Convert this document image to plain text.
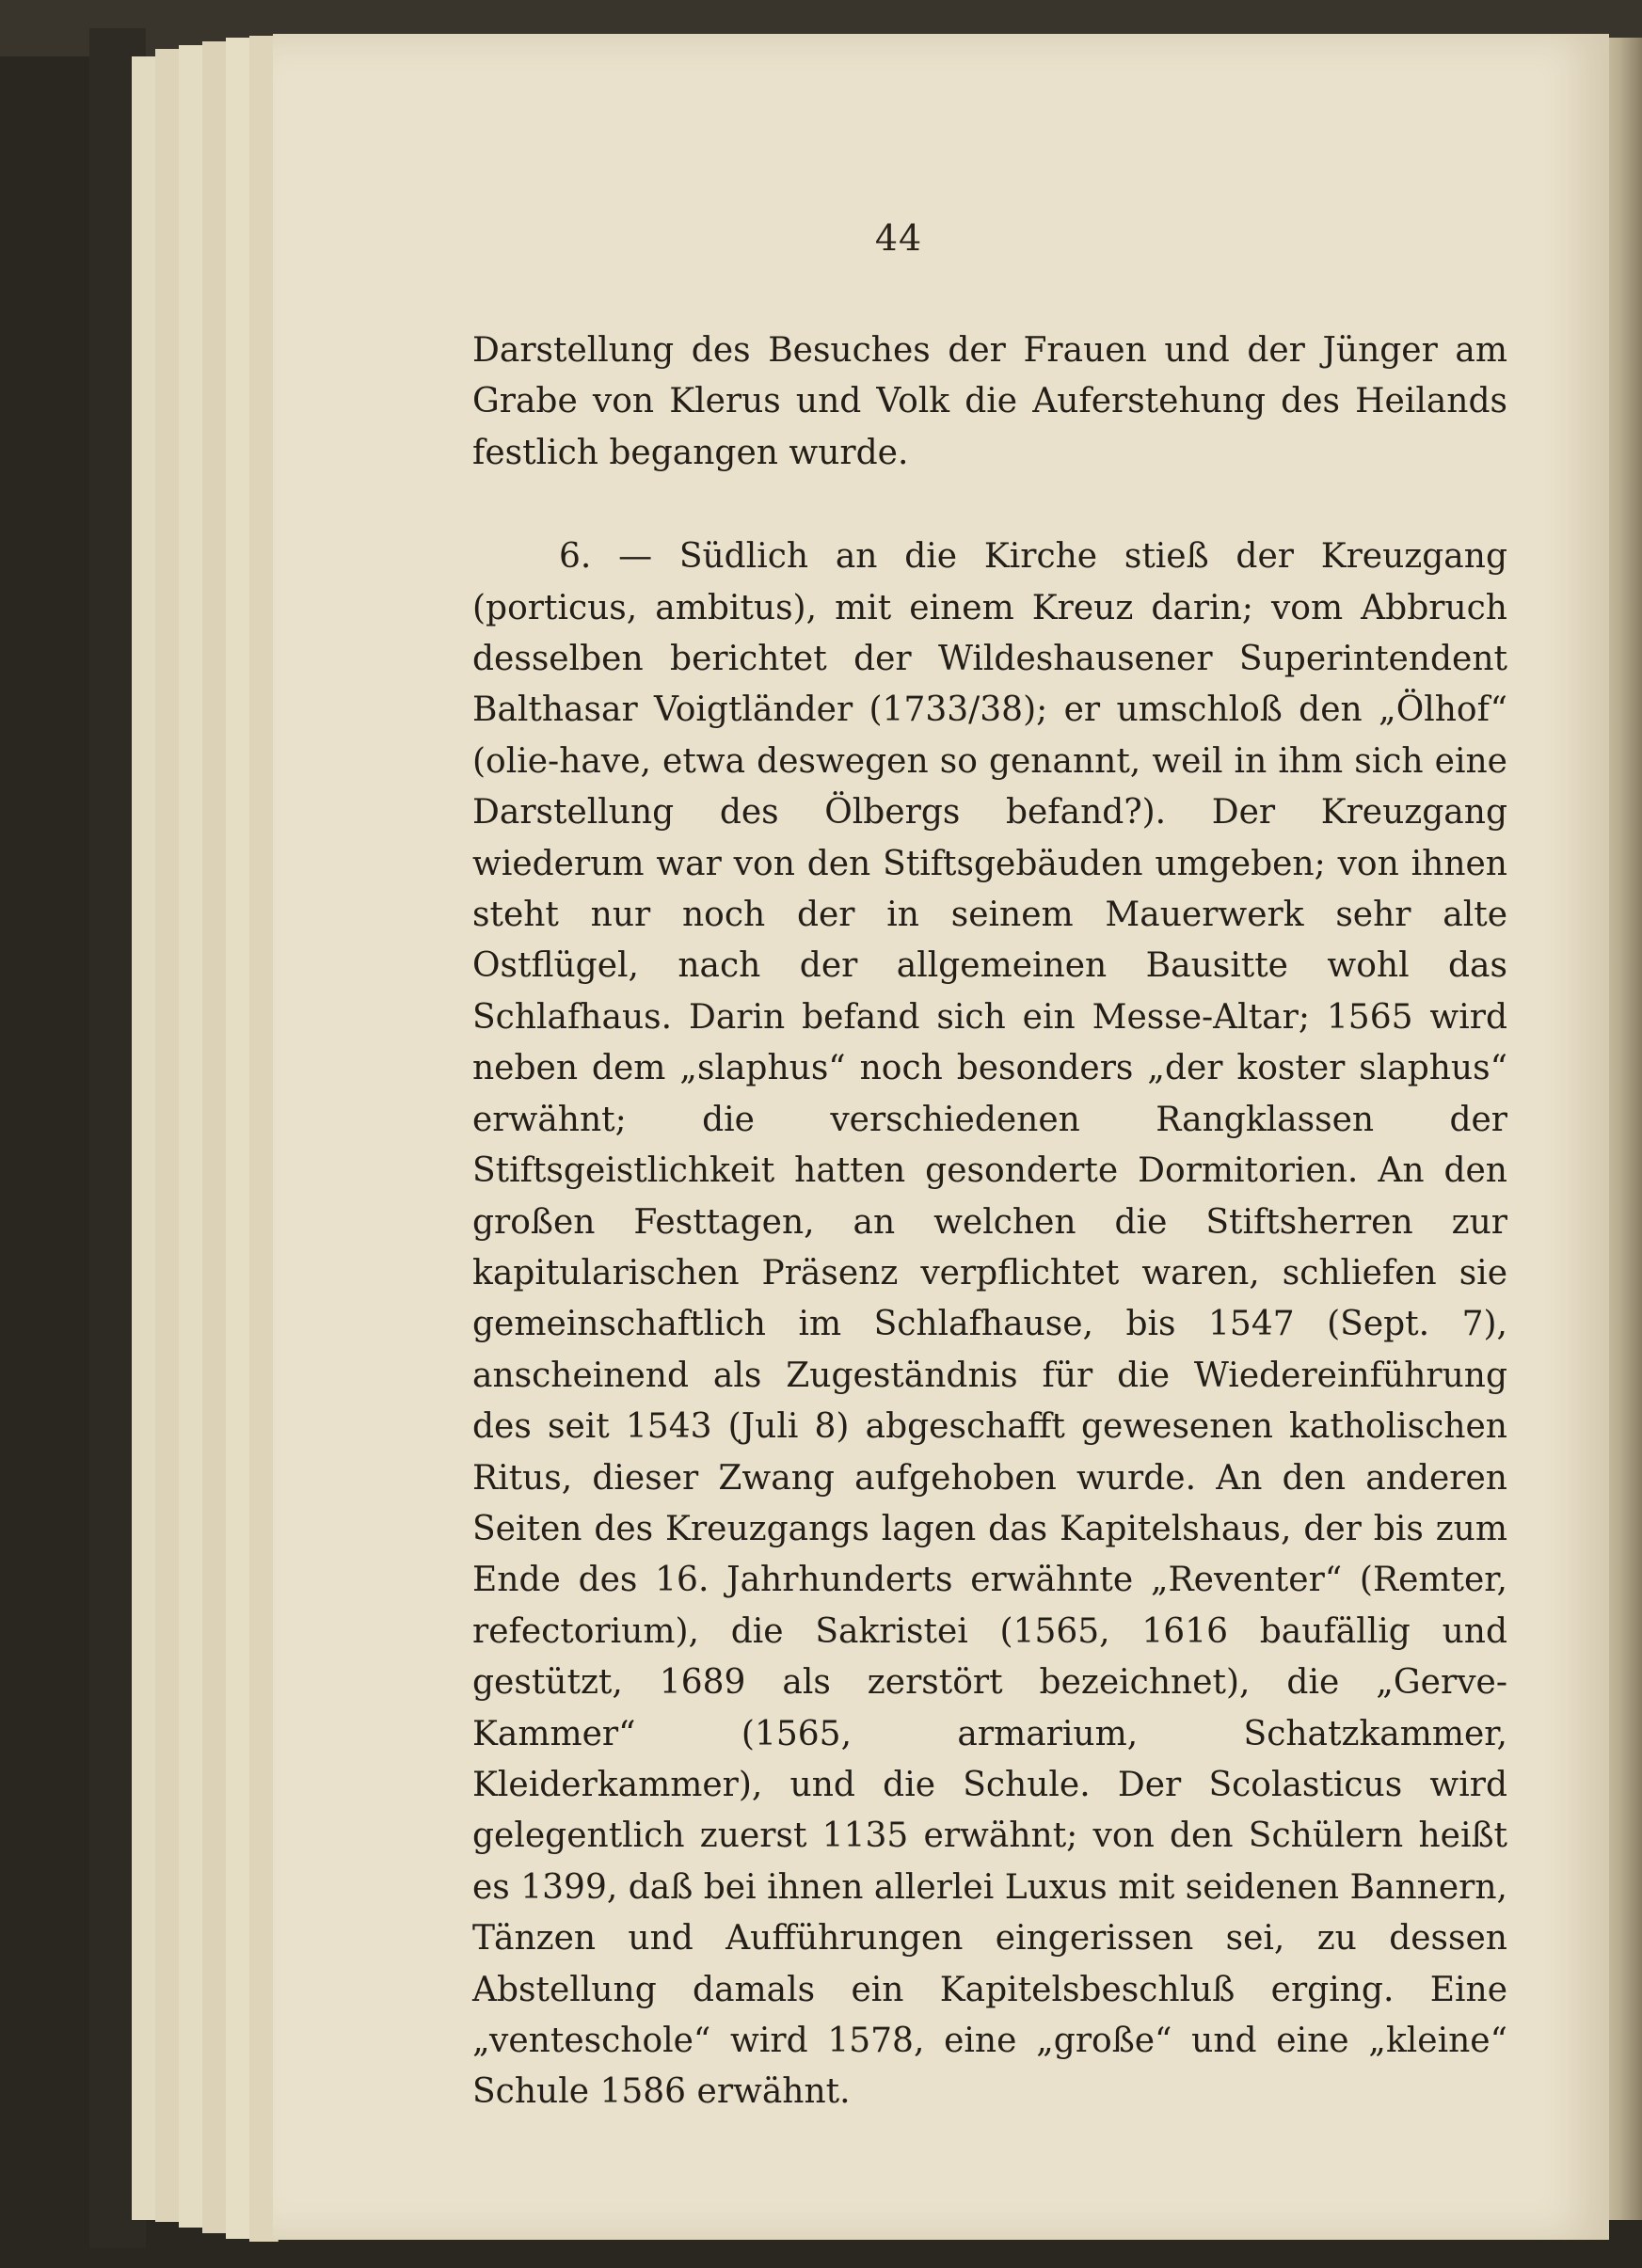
44

Darstellung des Besuches der Frauen und der Jünger am Grabe von Klerus und Volk die Auferstehung des Heilands festlich begangen wurde.

6. — Südlich an die Kirche stieß der Kreuzgang (porticus, ambitus), mit einem Kreuz darin; vom Abbruch desselben berichtet der Wildeshausener Superintendent Balthasar Voigtländer (1733/38); er umschloß den „Ölhof“ (olie-have, etwa deswegen so genannt, weil in ihm sich eine Darstellung des Ölbergs befand?). Der Kreuzgang wiederum war von den Stiftsgebäuden umgeben; von ihnen steht nur noch der in seinem Mauerwerk sehr alte Ostflügel, nach der allgemeinen Bausitte wohl das Schlafhaus. Darin befand sich ein Messe-Altar; 1565 wird neben dem „slaphus“ noch besonders „der koster slaphus“ erwähnt; die verschiedenen Rangklassen der Stiftsgeistlichkeit hatten gesonderte Dormitorien. An den großen Festtagen, an welchen die Stiftsherren zur kapitularischen Präsenz verpflichtet waren, schliefen sie gemeinschaftlich im Schlafhause, bis 1547 (Sept. 7), anscheinend als Zugeständnis für die Wiedereinführung des seit 1543 (Juli 8) abgeschafft gewesenen katholischen Ritus, dieser Zwang aufgehoben wurde. An den anderen Seiten des Kreuzgangs lagen das Kapitelshaus, der bis zum Ende des 16. Jahrhunderts erwähnte „Reventer“ (Remter, refectorium), die Sakristei (1565, 1616 baufällig und gestützt, 1689 als zerstört bezeichnet), die „Gerve-Kammer“ (1565, armarium, Schatzkammer, Kleiderkammer), und die Schule. Der Scolasticus wird gelegentlich zuerst 1135 erwähnt; von den Schülern heißt es 1399, daß bei ihnen allerlei Luxus mit seidenen Bannern, Tänzen und Aufführungen eingerissen sei, zu dessen Abstellung damals ein Kapitelsbeschluß erging. Eine „ventescholе“ wird 1578, eine „große“ und eine „kleine“ Schule 1586 erwähnt.
